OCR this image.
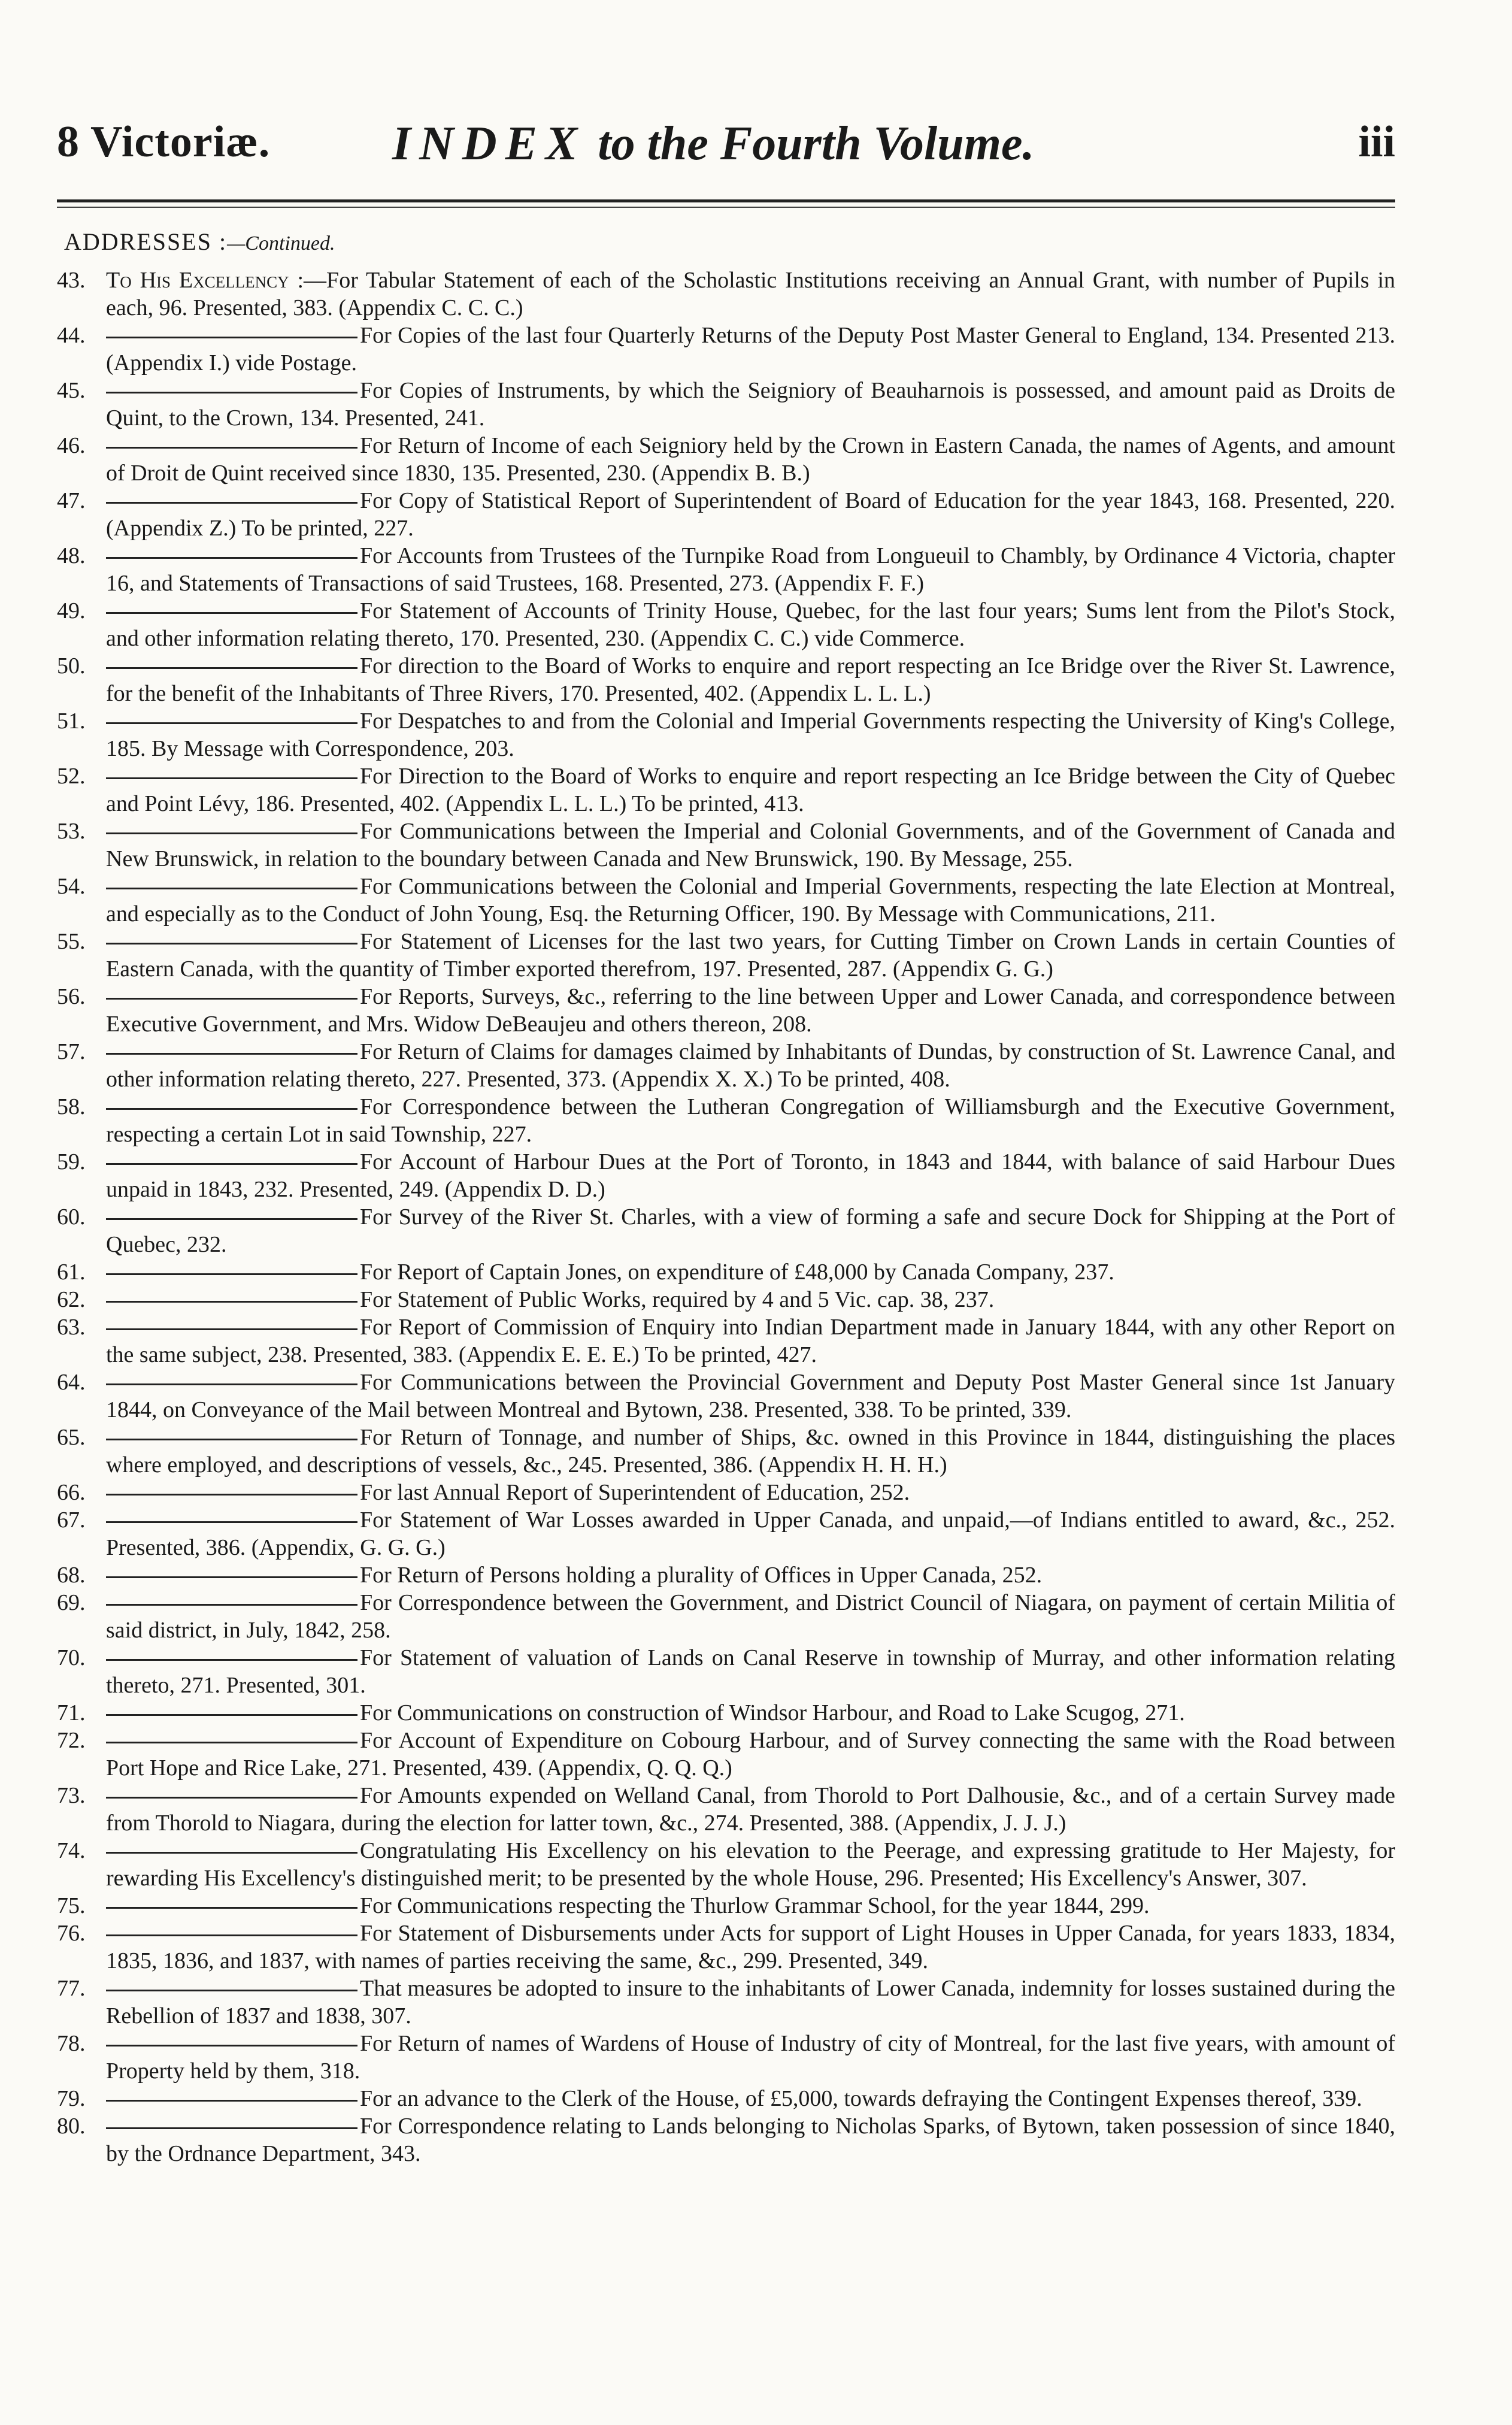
8 Victoriæ.	INDEX to the Fourth Volume.	iii
ADDRESSES :—Continued.
43. To His Excellency :—For Tabular Statement of each of the Scholastic Institutions receiving an Annual Grant, with number of Pupils in each, 96. Presented, 383. (Appendix C. C. C.)
44.	For Copies of the last four Quarterly Returns of the Deputy Post Master General to England, 134. Presented 213. (Appendix I.) vide Postage.
45.	For Copies of Instruments, by which the Seigniory of Beauharnois is possessed, and amount paid as Droits de Quint, to the Crown, 134. Presented, 241.
46.	For Return of Income of each Seigniory held by the Crown in Eastern Canada, the names of Agents, and amount of Droit de Quint received since 1830, 135. Presented, 230. (Appendix B. B.)
47.	For Copy of Statistical Report of Superintendent of Board of Education for the year 1843, 168. Presented, 220. (Appendix Z.) To be printed, 227.
48.	For Accounts from Trustees of the Turnpike Road from Longueuil to Chambly, by Ordinance 4 Victoria, chapter 16, and Statements of Transactions of said Trustees, 168. Presented, 273. (Appendix F. F.)
49.	For Statement of Accounts of Trinity House, Quebec, for the last four years; Sums lent from the Pilot's Stock, and other information relating thereto, 170. Presented, 230. (Appendix C. C.) vide Commerce.
50.	For direction to the Board of Works to enquire and report respecting an Ice Bridge over the River St. Lawrence, for the benefit of the Inhabitants of Three Rivers, 170. Presented, 402. (Appendix L. L. L.)
51.	For Despatches to and from the Colonial and Imperial Governments respecting the University of King's College, 185. By Message with Correspondence, 203.
52.	For Direction to the Board of Works to enquire and report respecting an Ice Bridge between the City of Quebec and Point Lévy, 186. Presented, 402. (Appendix L. L. L.) To be printed, 413.
53.	For Communications between the Imperial and Colonial Governments, and of the Government of Canada and New Brunswick, in relation to the boundary between Canada and New Brunswick, 190. By Message, 255.
54.	For Communications between the Colonial and Imperial Governments, respecting the late Election at Montreal, and especially as to the Conduct of John Young, Esq. the Returning Officer, 190. By Message with Communications, 211.
55.	For Statement of Licenses for the last two years, for Cutting Timber on Crown Lands in certain Counties of Eastern Canada, with the quantity of Timber exported therefrom, 197. Presented, 287. (Appendix G. G.)
56.	For Reports, Surveys, &c., referring to the line between Upper and Lower Canada, and correspondence between Executive Government, and Mrs. Widow DeBeaujeu and others thereon, 208.
57.	For Return of Claims for damages claimed by Inhabitants of Dundas, by construction of St. Lawrence Canal, and other information relating thereto, 227. Presented, 373. (Appendix X. X.) To be printed, 408.
58.	For Correspondence between the Lutheran Congregation of Williamsburgh and the Executive Government, respecting a certain Lot in said Township, 227.
59.	For Account of Harbour Dues at the Port of Toronto, in 1843 and 1844, with balance of said Harbour Dues unpaid in 1843, 232. Presented, 249. (Appendix D. D.)
60.	For Survey of the River St. Charles, with a view of forming a safe and secure Dock for Shipping at the Port of Quebec, 232.
61.	For Report of Captain Jones, on expenditure of £48,000 by Canada Company, 237.
62.	For Statement of Public Works, required by 4 and 5 Vic. cap. 38, 237.
63.	For Report of Commission of Enquiry into Indian Department made in January 1844, with any other Report on the same subject, 238. Presented, 383. (Appendix E. E. E.) To be printed, 427.
64.	For Communications between the Provincial Government and Deputy Post Master General since 1st January 1844, on Conveyance of the Mail between Montreal and Bytown, 238. Presented, 338. To be printed, 339.
65.	For Return of Tonnage, and number of Ships, &c. owned in this Province in 1844, distinguishing the places where employed, and descriptions of vessels, &c., 245. Presented, 386. (Appendix H. H. H.)
66.	For last Annual Report of Superintendent of Education, 252.
67.	For Statement of War Losses awarded in Upper Canada, and unpaid,—of Indians entitled to award, &c., 252. Presented, 386. (Appendix, G. G. G.)
68.	For Return of Persons holding a plurality of Offices in Upper Canada, 252.
69.	For Correspondence between the Government, and District Council of Niagara, on payment of certain Militia of said district, in July, 1842, 258.
70.	For Statement of valuation of Lands on Canal Reserve in township of Murray, and other information relating thereto, 271. Presented, 301.
71.	For Communications on construction of Windsor Harbour, and Road to Lake Scugog, 271.
72.	For Account of Expenditure on Cobourg Harbour, and of Survey connecting the same with the Road between Port Hope and Rice Lake, 271. Presented, 439. (Appendix, Q. Q. Q.)
73.	For Amounts expended on Welland Canal, from Thorold to Port Dalhousie, &c., and of a certain Survey made from Thorold to Niagara, during the election for latter town, &c., 274. Presented, 388. (Appendix, J. J. J.)
74.	Congratulating His Excellency on his elevation to the Peerage, and expressing gratitude to Her Majesty, for rewarding His Excellency's distinguished merit; to be presented by the whole House, 296. Presented; His Excellency's Answer, 307.
75.	For Communications respecting the Thurlow Grammar School, for the year 1844, 299.
76.	For Statement of Disbursements under Acts for support of Light Houses in Upper Canada, for years 1833, 1834, 1835, 1836, and 1837, with names of parties receiving the same, &c., 299. Presented, 349.
77.	That measures be adopted to insure to the inhabitants of Lower Canada, indemnity for losses sustained during the Rebellion of 1837 and 1838, 307.
78.	For Return of names of Wardens of House of Industry of city of Montreal, for the last five years, with amount of Property held by them, 318.
79.	For an advance to the Clerk of the House, of £5,000, towards defraying the Contingent Expenses thereof, 339.
80.	For Correspondence relating to Lands belonging to Nicholas Sparks, of Bytown, taken possession of since 1840, by the Ordnance Department, 343.
